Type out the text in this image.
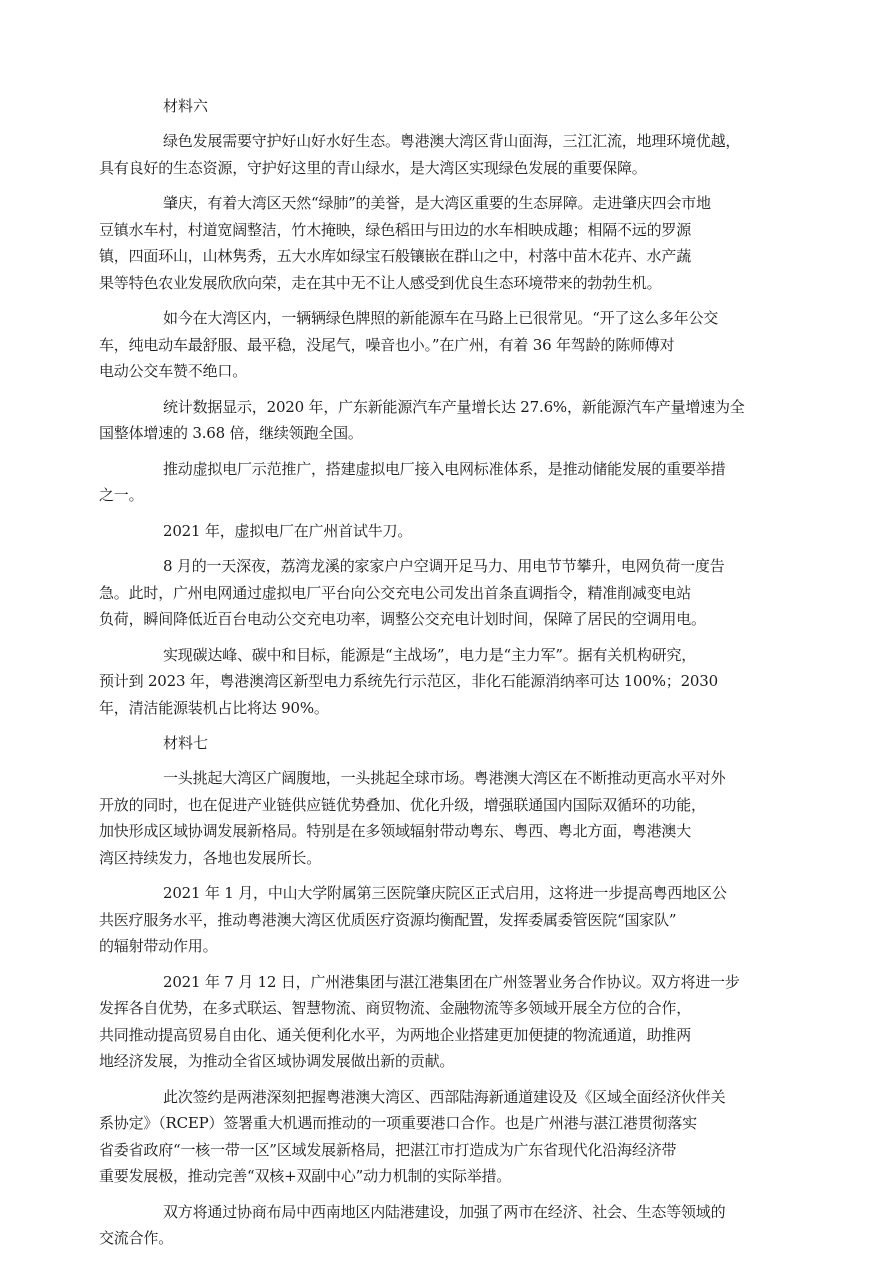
材料六

绿色发展需要守护好山好水好生态。粤港澳大湾区背山面海，三江汇流，地理环境优越，
具有良好的生态资源，守护好这里的青山绿水，是大湾区实现绿色发展的重要保障。

肇庆，有着大湾区天然“绿肺”的美誉，是大湾区重要的生态屏障。走进肇庆四会市地
豆镇水车村，村道宽阔整洁，竹木掩映，绿色稻田与田边的水车相映成趣；相隔不远的罗源
镇，四面环山，山林隽秀，五大水库如绿宝石般镶嵌在群山之中，村落中苗木花卉、水产蔬
果等特色农业发展欣欣向荣，走在其中无不让人感受到优良生态环境带来的勃勃生机。

如今在大湾区内，一辆辆绿色牌照的新能源车在马路上已很常见。“开了这么多年公交
车，纯电动车最舒服、最平稳，没尾气，噪音也小。”在广州，有着 36 年驾龄的陈师傅对
电动公交车赞不绝口。

统计数据显示，2020 年，广东新能源汽车产量增长达 27.6%，新能源汽车产量增速为全
国整体增速的 3.68 倍，继续领跑全国。

推动虚拟电厂示范推广，搭建虚拟电厂接入电网标准体系，是推动储能发展的重要举措
之一。

2021 年，虚拟电厂在广州首试牛刀。

8 月的一天深夜，荔湾龙溪的家家户户空调开足马力、用电节节攀升，电网负荷一度告
急。此时，广州电网通过虚拟电厂平台向公交充电公司发出首条直调指令，精准削减变电站
负荷，瞬间降低近百台电动公交充电功率，调整公交充电计划时间，保障了居民的空调用电。

实现碳达峰、碳中和目标，能源是“主战场”，电力是“主力军”。据有关机构研究，
预计到 2023 年，粤港澳湾区新型电力系统先行示范区，非化石能源消纳率可达 100%；2030
年，清洁能源装机占比将达 90%。

材料七

一头挑起大湾区广阔腹地，一头挑起全球市场。粤港澳大湾区在不断推动更高水平对外
开放的同时，也在促进产业链供应链优势叠加、优化升级，增强联通国内国际双循环的功能，
加快形成区域协调发展新格局。特别是在多领域辐射带动粤东、粤西、粤北方面，粤港澳大
湾区持续发力，各地也发展所长。

2021 年 1 月，中山大学附属第三医院肇庆院区正式启用，这将进一步提高粤西地区公
共医疗服务水平，推动粤港澳大湾区优质医疗资源均衡配置，发挥委属委管医院“国家队”
的辐射带动作用。

2021 年 7 月 12 日，广州港集团与湛江港集团在广州签署业务合作协议。双方将进一步
发挥各自优势，在多式联运、智慧物流、商贸物流、金融物流等多领域开展全方位的合作，
共同推动提高贸易自由化、通关便利化水平，为两地企业搭建更加便捷的物流通道，助推两
地经济发展，为推动全省区域协调发展做出新的贡献。

此次签约是两港深刻把握粤港澳大湾区、西部陆海新通道建设及《区域全面经济伙伴关
系协定》（RCEP）签署重大机遇而推动的一项重要港口合作。也是广州港与湛江港贯彻落实
省委省政府“一核一带一区”区域发展新格局，把湛江市打造成为广东省现代化沿海经济带
重要发展极，推动完善“双核+双副中心”动力机制的实际举措。

双方将通过协商布局中西南地区内陆港建设，加强了两市在经济、社会、生态等领域的
交流合作。
